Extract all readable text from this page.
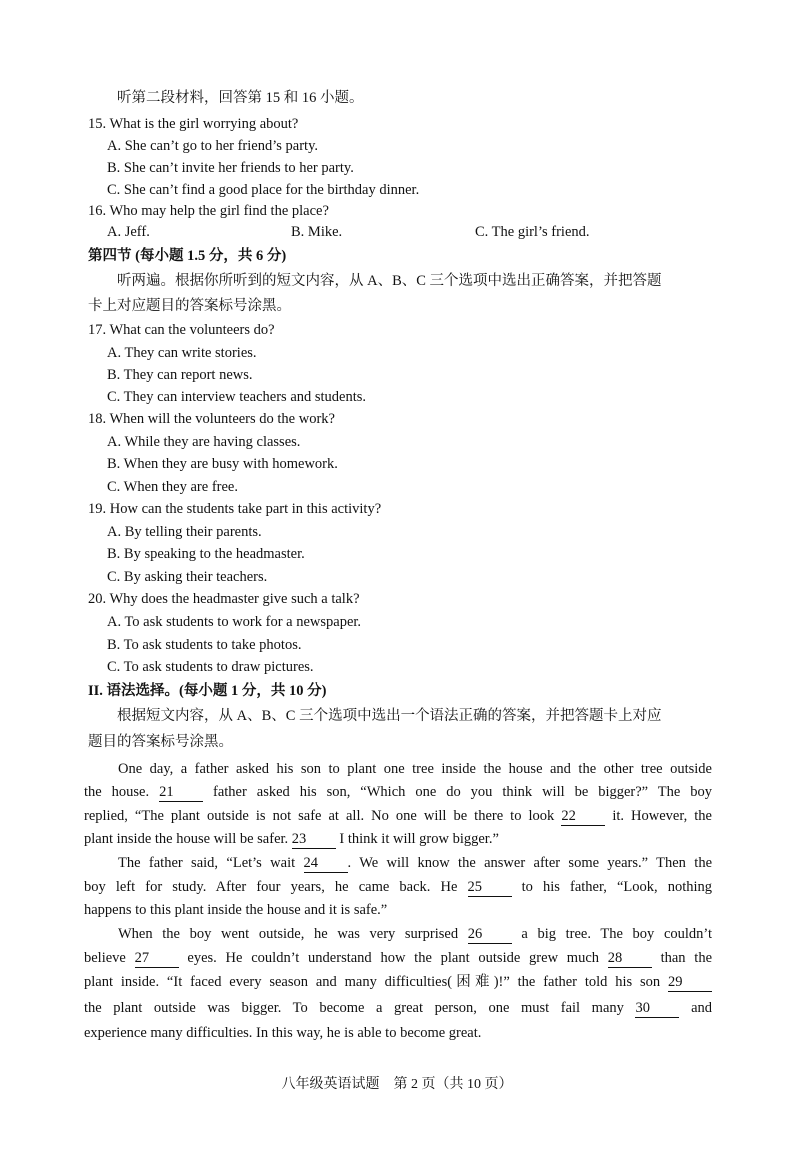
听第二段材料，回答第 15 和 16 小题。
15. What is the girl worrying about?
A. She can’t go to her friend’s party.
B. She can’t invite her friends to her party.
C. She can’t find a good place for the birthday dinner.
16. Who may help the girl find the place?
A. Jeff.	B. Mike.	C. The girl’s friend.
第四节 (每小题 1.5 分，共 6 分)
听两遍。根据你所听到的短文内容，从 A、B、C 三个选项中选出正确答案，并把答题
卡上对应题目的答案标号涂黑。
17. What can the volunteers do?
A. They can write stories.
B. They can report news.
C. They can interview teachers and students.
18. When will the volunteers do the work?
A. While they are having classes.
B. When they are busy with homework.
C. When they are free.
19. How can the students take part in this activity?
A. By telling their parents.
B. By speaking to the headmaster.
C. By asking their teachers.
20. Why does the headmaster give such a talk?
A. To ask students to work for a newspaper.
B. To ask students to take photos.
C. To ask students to draw pictures.
II. 语法选择。(每小题 1 分，共 10 分)
根据短文内容，从 A、B、C 三个选项中选出一个语法正确的答案，并把答题卡上对应
题目的答案标号涂黑。
One day, a father asked his son to plant one tree inside the house and the other tree outside
the house. 21	father asked his son, “Which one do you think will be bigger?” The boy
replied, “The plant outside is not safe at all. No one will be there to look 22	it. However, the
plant inside the house will be safer. 23 I think it will grow bigger.”
The father said, “Let’s wait 24 . We will know the answer after some years.” Then the
boy left for study. After four years, he came back. He 25	to his father, “Look, nothing
happens to this plant inside the house and it is safe.”
When the boy went outside, he was very surprised 26	a big tree. The boy couldn’t
believe 27	eyes. He couldn’t understand how the plant outside grew much 28	than the
plant inside. “It faced every season and many difficulties(困难)!” the father told his son 29
the plant outside was bigger. To become a great person, one must fail many 30	and
experience many difficulties. In this way, he is able to become great.
八年级英语试题　第 2 页（共 10 页）
